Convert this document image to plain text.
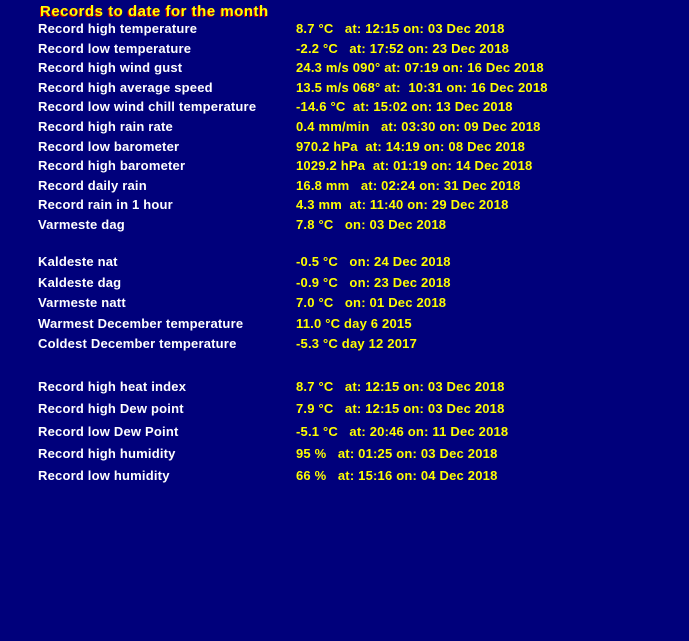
Records to date for the month
Record high temperature	8.7 °C   at: 12:15 on: 03 Dec 2018
Record low temperature	-2.2 °C   at: 17:52 on: 23 Dec 2018
Record high wind gust	24.3 m/s 090° at: 07:19 on: 16 Dec 2018
Record high average speed	13.5 m/s 068° at:  10:31 on: 16 Dec 2018
Record low wind chill temperature	-14.6 °C  at: 15:02 on: 13 Dec 2018
Record high rain rate	0.4 mm/min   at: 03:30 on: 09 Dec 2018
Record low barometer	970.2 hPa  at: 14:19 on: 08 Dec 2018
Record high barometer	1029.2 hPa  at: 01:19 on: 14 Dec 2018
Record daily rain	16.8 mm   at: 02:24 on: 31 Dec 2018
Record rain in 1 hour	4.3 mm  at: 11:40 on: 29 Dec 2018
Varmeste dag	7.8 °C   on: 03 Dec 2018
Kaldeste nat	-0.5 °C   on: 24 Dec 2018
Kaldeste dag	-0.9 °C   on: 23 Dec 2018
Varmeste natt	7.0 °C   on: 01 Dec 2018
Warmest December temperature	11.0 °C day 6 2015
Coldest December temperature	-5.3 °C day 12 2017
Record high heat index	8.7 °C   at: 12:15 on: 03 Dec 2018
Record high Dew point	7.9 °C   at: 12:15 on: 03 Dec 2018
Record low Dew Point	-5.1 °C   at: 20:46 on: 11 Dec 2018
Record high humidity	95 %   at: 01:25 on: 03 Dec 2018
Record low humidity	66 %   at: 15:16 on: 04 Dec 2018
